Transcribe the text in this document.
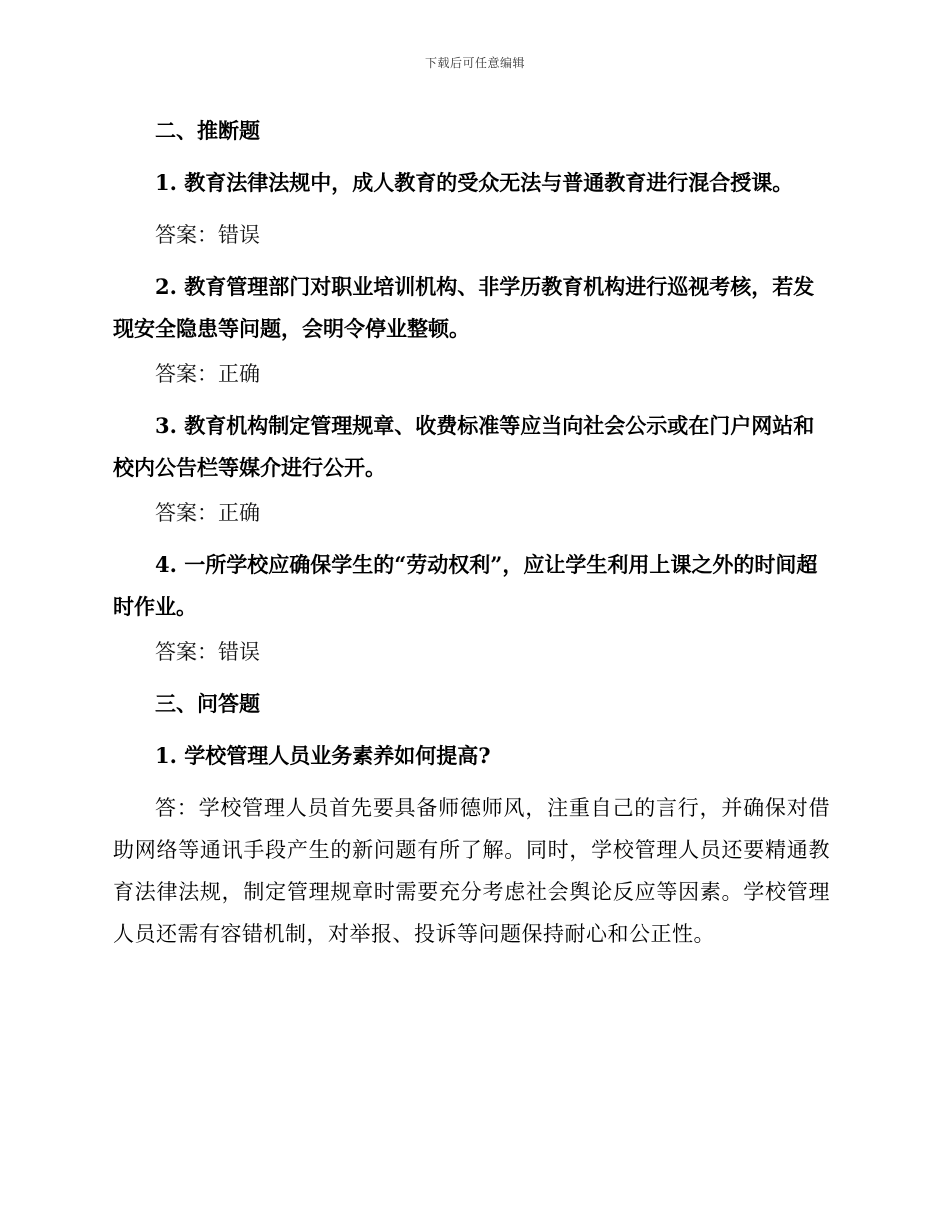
下载后可任意编辑

二、推断题

1. 教育法律法规中，成人教育的受众无法与普通教育进行混合授课。

答案：错误

2. 教育管理部门对职业培训机构、非学历教育机构进行巡视考核，若发现安全隐患等问题，会明令停业整顿。

答案：正确

3. 教育机构制定管理规章、收费标准等应当向社会公示或在门户网站和校内公告栏等媒介进行公开。

答案：正确

4. 一所学校应确保学生的“劳动权利”，应让学生利用上课之外的时间超时作业。

答案：错误

三、问答题

1. 学校管理人员业务素养如何提高?

答：学校管理人员首先要具备师德师风，注重自己的言行，并确保对借助网络等通讯手段产生的新问题有所了解。同时，学校管理人员还要精通教育法律法规，制定管理规章时需要充分考虑社会舆论反应等因素。学校管理人员还需有容错机制，对举报、投诉等问题保持耐心和公正性。
